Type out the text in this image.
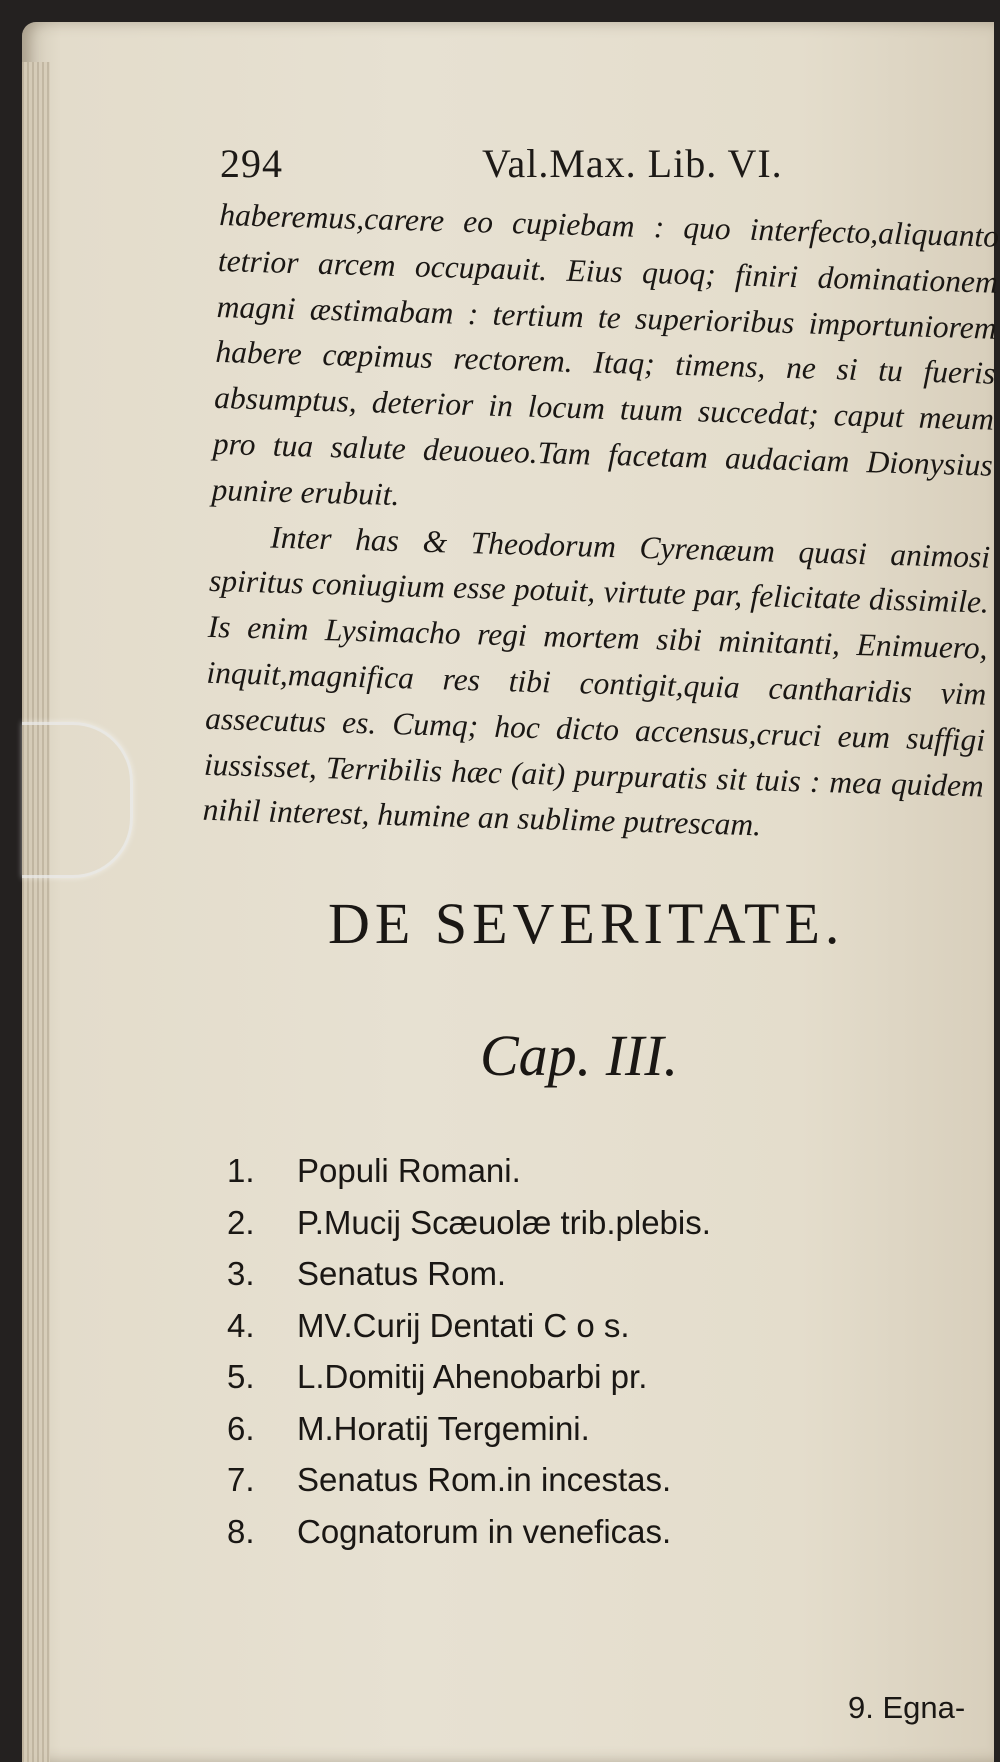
294	Val.Max. Lib. VI.

haberemus,carere eo cupiebam : quo interfecto,aliquanto tetrior arcem occupauit. Eius quoq; finiri dominationem magni æstimabam : tertium te superioribus importuniorem habere cœpimus rectorem. Itaq; timens, ne si tu fueris absumptus, deterior in locum tuum succedat; caput meum pro tua salute deuoueo.Tam facetam audaciam Dionysius punire erubuit.

Inter has & Theodorum Cyrenæum quasi animosi spiritus coniugium esse potuit, virtute par, felicitate dissimile. Is enim Lysimacho regi mortem sibi minitanti, Enimuero, inquit,magnifica res tibi contigit,quia cantharidis vim assecutus es. Cumq; hoc dicto accensus,cruci eum suffigi iussisset, Terribilis hæc (ait) purpuratis sit tuis : mea quidem nihil interest, humine an sublime putrescam.

DE SEVERITATE.
Cap. III.
1. Populi Romani.
2. P.Mucij Scæuolæ trib.plebis.
3. Senatus Rom.
4. MV.Curij Dentati C o s.
5. L.Domitij Ahenobarbi pr.
6. M.Horatij Tergemini.
7. Senatus Rom.in incestas.
8. Cognatorum in veneficas.
9. Egna-
